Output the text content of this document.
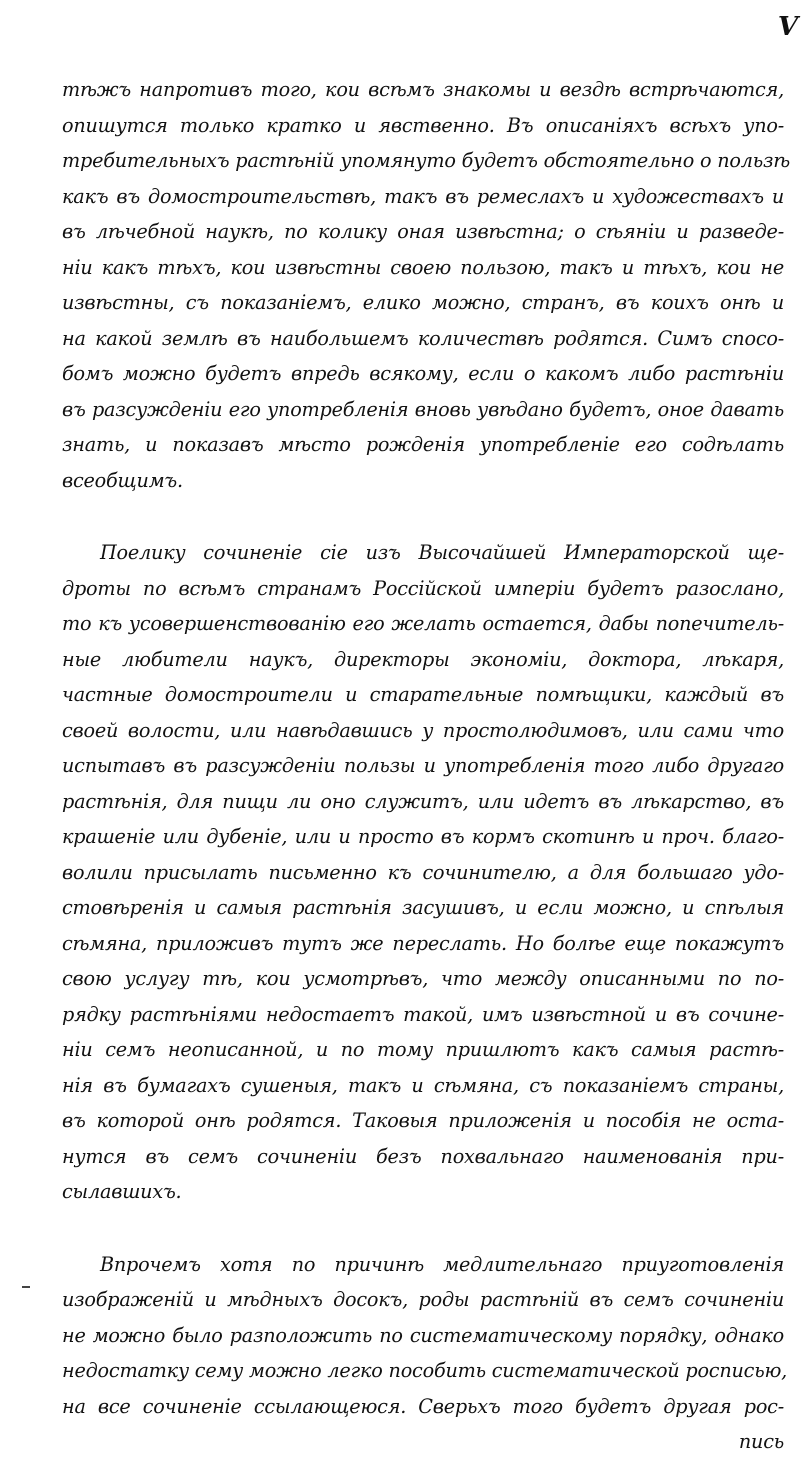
V
тѣжъ напротивъ того, кои всѣмъ знакомы и вездѣ встрѣчаются,
опишутся только кратко и явственно. Въ описаніяхъ всѣхъ упо-
требительныхъ растѣній упомянуто будетъ обстоятельно о пользѣ
какъ въ домостроительствѣ, такъ въ ремеслахъ и художествахъ и
въ лѣчебной наукѣ, по колику оная извѣстна; о сѣяніи и разведе-
ніи какъ тѣхъ, кои извѣстны своею пользою, такъ и тѣхъ, кои не
извѣстны, съ показаніемъ, елико можно, странъ, въ коихъ онѣ и
на какой землѣ въ наибольшемъ количествѣ родятся. Симъ спосо-
бомъ можно будетъ впредь всякому, если о какомъ либо растѣніи
въ разсужденіи его употребленія вновь увѣдано будетъ, оное давать
знать, и показавъ мѣсто рожденія употребленіе его содѣлать
всеобщимъ.
Поелику сочиненіе сіе изъ Высочайшей Императорской ще-
дроты по всѣмъ странамъ Россійской имперіи будетъ разослано,
то къ усовершенствованію его желать остается, дабы попечитель-
ные любители наукъ, директоры экономіи, доктора, лѣкаря,
частные домостроители и старательные помѣщики, каждый въ
своей волости, или навѣдавшись у простолюдимовъ, или сами что
испытавъ въ разсужденіи пользы и употребленія того либо другаго
растѣнія, для пищи ли оно служитъ, или идетъ въ лѣкарство, въ
крашеніе или дубеніе, или и просто въ кормъ скотинѣ и проч. благо-
волили присылать письменно къ сочинителю, а для большаго удо-
стовѣренія и самыя растѣнія засушивъ, и если можно, и спѣлыя
сѣмяна, приложивъ тутъ же переслать. Но болѣе еще покажутъ
свою услугу тѣ, кои усмотрѣвъ, что между описанными по по-
рядку растѣніями недостаетъ такой, имъ извѣстной и въ сочине-
ніи семъ неописанной, и по тому пришлютъ какъ самыя растѣ-
нія въ бумагахъ сушеныя, такъ и сѣмяна, съ показаніемъ страны,
въ которой онѣ родятся. Таковыя приложенія и пособія не оста-
нутся въ семъ сочиненіи безъ похвальнаго наименованія при-
сылавшихъ.
Впрочемъ хотя по причинѣ медлительнаго приуготовленія
изображеній и мѣдныхъ досокъ, роды растѣній въ семъ сочиненіи
не можно было разположить по систематическому порядку, однако
недостатку сему можно легко пособить систематической росписью,
на все сочиненіе ссылающеюся. Сверьхъ того будетъ другая рос-
пись
